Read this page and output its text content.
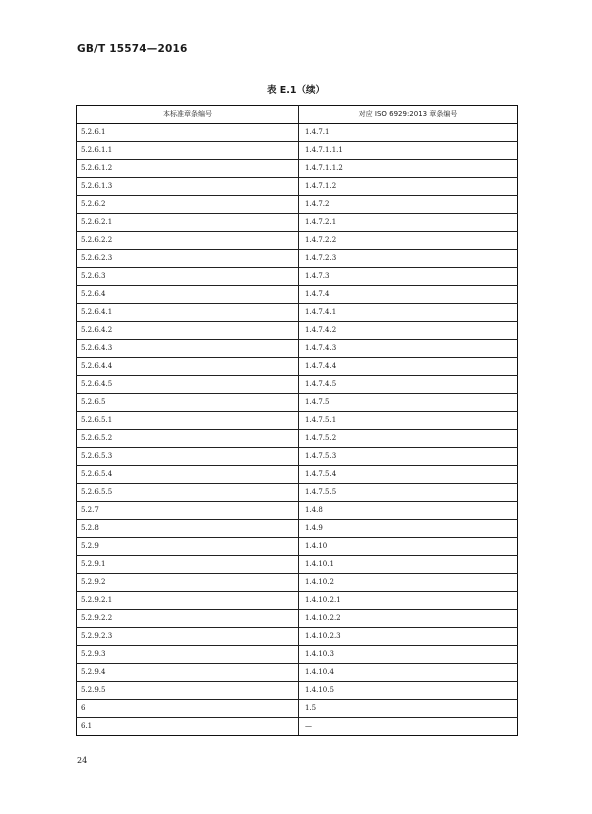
GB/T 15574—2016
表 E.1（续）
本标准章条编号	对应 ISO 6929:2013 章条编号
5.2.6.1	1.4.7.1
5.2.6.1.1	1.4.7.1.1.1
5.2.6.1.2	1.4.7.1.1.2
5.2.6.1.3	1.4.7.1.2
5.2.6.2	1.4.7.2
5.2.6.2.1	1.4.7.2.1
5.2.6.2.2	1.4.7.2.2
5.2.6.2.3	1.4.7.2.3
5.2.6.3	1.4.7.3
5.2.6.4	1.4.7.4
5.2.6.4.1	1.4.7.4.1
5.2.6.4.2	1.4.7.4.2
5.2.6.4.3	1.4.7.4.3
5.2.6.4.4	1.4.7.4.4
5.2.6.4.5	1.4.7.4.5
5.2.6.5	1.4.7.5
5.2.6.5.1	1.4.7.5.1
5.2.6.5.2	1.4.7.5.2
5.2.6.5.3	1.4.7.5.3
5.2.6.5.4	1.4.7.5.4
5.2.6.5.5	1.4.7.5.5
5.2.7	1.4.8
5.2.8	1.4.9
5.2.9	1.4.10
5.2.9.1	1.4.10.1
5.2.9.2	1.4.10.2
5.2.9.2.1	1.4.10.2.1
5.2.9.2.2	1.4.10.2.2
5.2.9.2.3	1.4.10.2.3
5.2.9.3	1.4.10.3
5.2.9.4	1.4.10.4
5.2.9.5	1.4.10.5
6	1.5
6.1	—
24
